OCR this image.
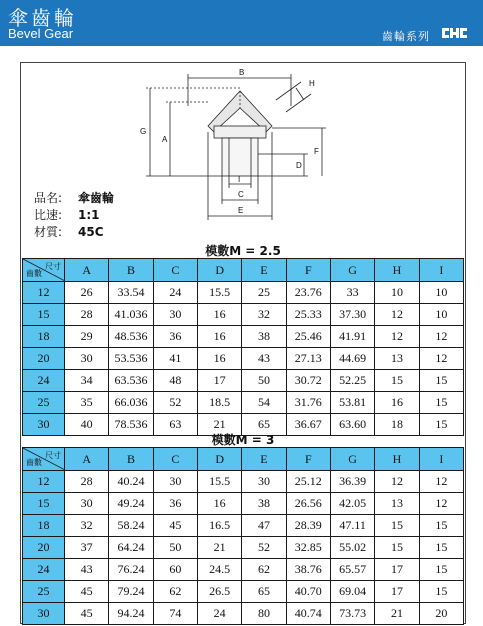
傘齒輪
Bevel Gear	齒輪系列
B
H
G
A
D
F
I
C
E
品名: 傘齒輪
比速: 1:1
材質: 45C
模數M = 2.5
尺寸
齒數	A	B	C	D	E	F	G	H	I
12	26	33.54	24	15.5	25	23.76	33	10	10
15	28	41.036	30	16	32	25.33	37.30	12	10
18	29	48.536	36	16	38	25.46	41.91	12	12
20	30	53.536	41	16	43	27.13	44.69	13	12
24	34	63.536	48	17	50	30.72	52.25	15	15
25	35	66.036	52	18.5	54	31.76	53.81	16	15
30	40	78.536	63	21	65	36.67	63.60	18	15
模數M = 3
尺寸
齒數	A	B	C	D	E	F	G	H	I
12	28	40.24	30	15.5	30	25.12	36.39	12	12
15	30	49.24	36	16	38	26.56	42.05	13	12
18	32	58.24	45	16.5	47	28.39	47.11	15	15
20	37	64.24	50	21	52	32.85	55.02	15	15
24	43	76.24	60	24.5	62	38.76	65.57	17	15
25	45	79.24	62	26.5	65	40.70	69.04	17	15
30	45	94.24	74	24	80	40.74	73.73	21	20
